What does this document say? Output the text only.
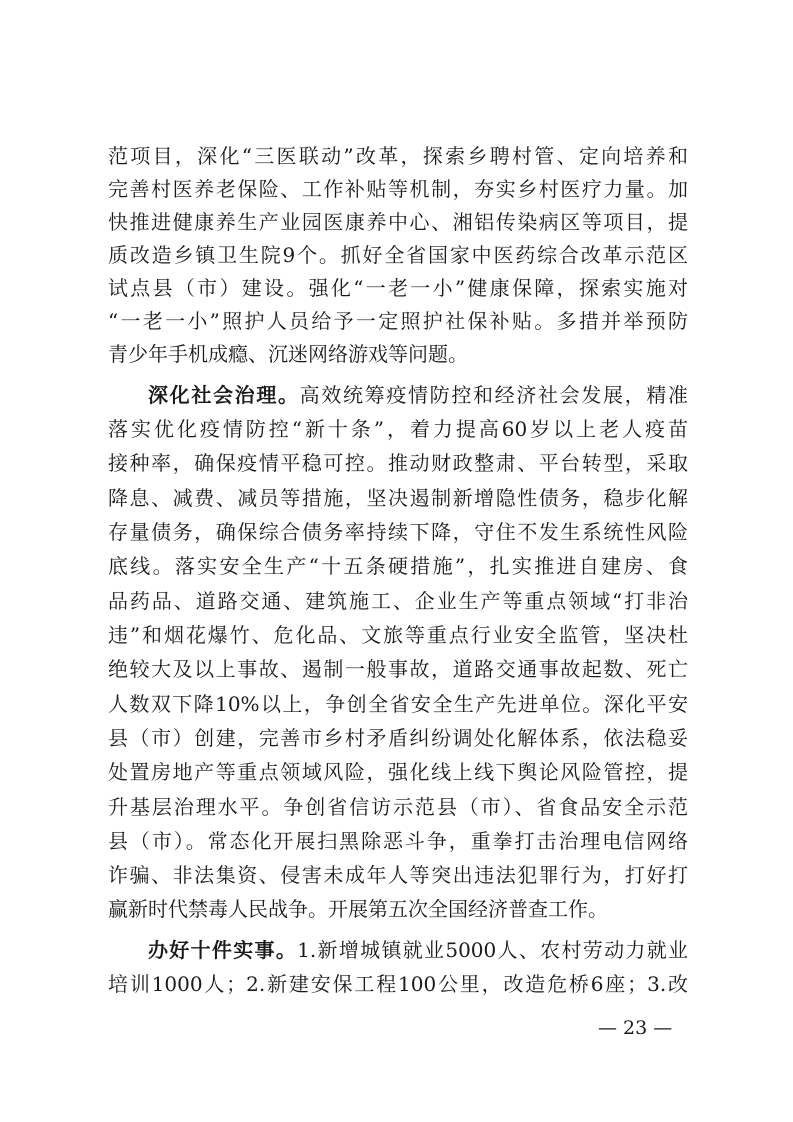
范项目，深化“三医联动”改革，探索乡聘村管、定向培养和
完善村医养老保险、工作补贴等机制，夯实乡村医疗力量。加
快推进健康养生产业园医康养中心、湘铝传染病区等项目，提
质改造乡镇卫生院9个。抓好全省国家中医药综合改革示范区
试点县（市）建设。强化“一老一小”健康保障，探索实施对
“一老一小”照护人员给予一定照护社保补贴。多措并举预防
青少年手机成瘾、沉迷网络游戏等问题。
深化社会治理。高效统筹疫情防控和经济社会发展，精准
落实优化疫情防控“新十条”，着力提高60岁以上老人疫苗
接种率，确保疫情平稳可控。推动财政整肃、平台转型，采取
降息、减费、减员等措施，坚决遏制新增隐性债务，稳步化解
存量债务，确保综合债务率持续下降，守住不发生系统性风险
底线。落实安全生产“十五条硬措施”，扎实推进自建房、食
品药品、道路交通、建筑施工、企业生产等重点领域“打非治
违”和烟花爆竹、危化品、文旅等重点行业安全监管，坚决杜
绝较大及以上事故、遏制一般事故，道路交通事故起数、死亡
人数双下降10%以上，争创全省安全生产先进单位。深化平安
县（市）创建，完善市乡村矛盾纠纷调处化解体系，依法稳妥
处置房地产等重点领域风险，强化线上线下舆论风险管控，提
升基层治理水平。争创省信访示范县（市）、省食品安全示范
县（市）。常态化开展扫黑除恶斗争，重拳打击治理电信网络
诈骗、非法集资、侵害未成年人等突出违法犯罪行为，打好打
赢新时代禁毒人民战争。开展第五次全国经济普查工作。
办好十件实事。1.新增城镇就业5000人、农村劳动力就业
培训1000人；2.新建安保工程100公里，改造危桥6座；3.改
— 23 —
